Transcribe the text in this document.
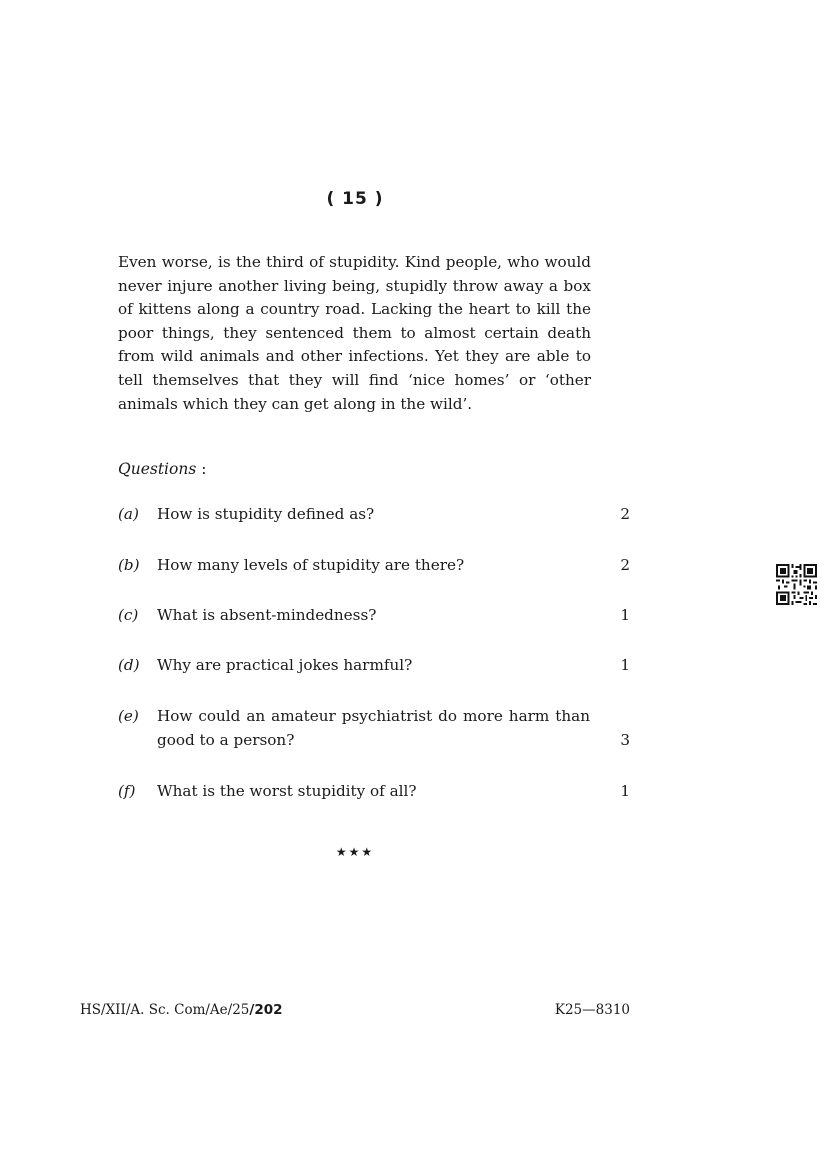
( 15 )

Even worse, is the third of stupidity. Kind people, who would never injure another living being, stupidly throw away a box of kittens along a country road. Lacking the heart to kill the poor things, they sentenced them to almost certain death from wild animals and other infections. Yet they are able to tell themselves that they will find ‘nice homes’ or ‘other animals which they can get along in the wild’.

Questions :

(a) How is stupidity defined as?	2
(b) How many levels of stupidity are there?	2
(c) What is absent-mindedness?	1
(d) Why are practical jokes harmful?	1
(e) How could an amateur psychiatrist do more harm than good to a person?	3
(f) What is the worst stupidity of all?	1
★★★
HS/XII/A. Sc. Com/Ae/25/202	K25—8310
